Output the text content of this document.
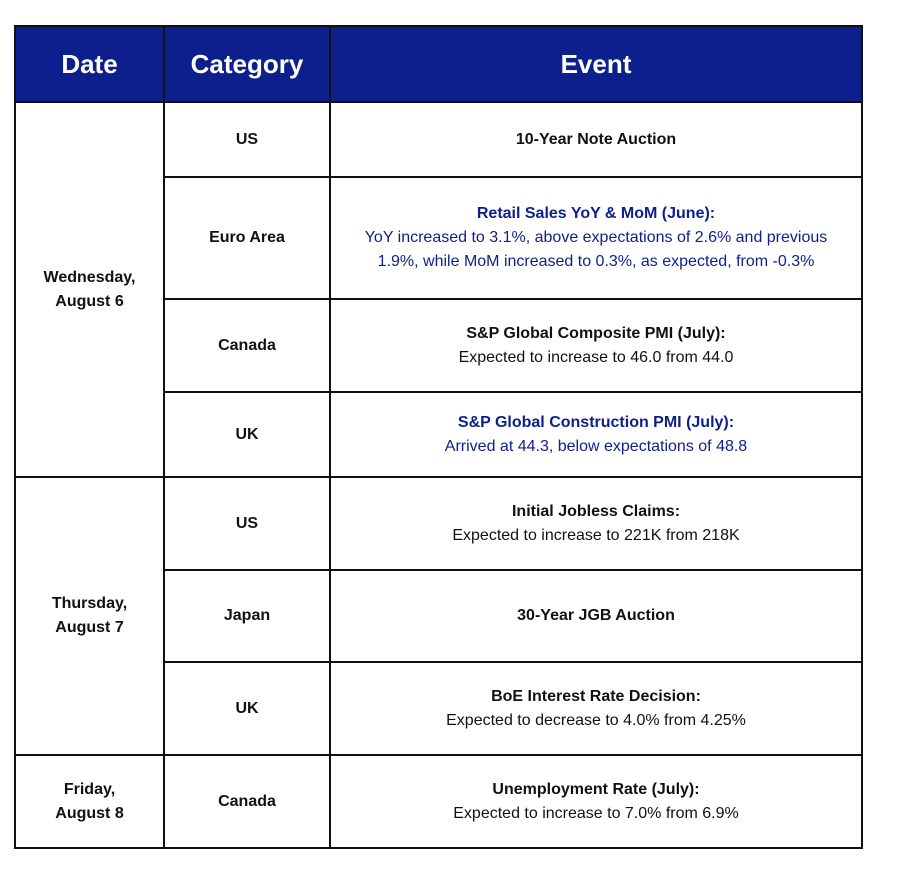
Date	Category	Event
Wednesday,
August 6	US	10-Year Note Auction

	Euro Area	Retail Sales YoY & MoM (June):
YoY increased to 3.1%, above expectations of 2.6% and previous 1.9%, while MoM increased to 0.3%, as expected, from -0.3%

	Canada	S&P Global Composite PMI (July):
Expected to increase to 46.0 from 44.0

	UK	S&P Global Construction PMI (July):
Arrived at 44.3, below expectations of 48.8

Thursday,
August 7	US	Initial Jobless Claims:
Expected to increase to 221K from 218K

	Japan	30-Year JGB Auction

	UK	BoE Interest Rate Decision:
Expected to decrease to 4.0% from 4.25%

Friday,
August 8	Canada	Unemployment Rate (July):
Expected to increase to 7.0% from 6.9%
